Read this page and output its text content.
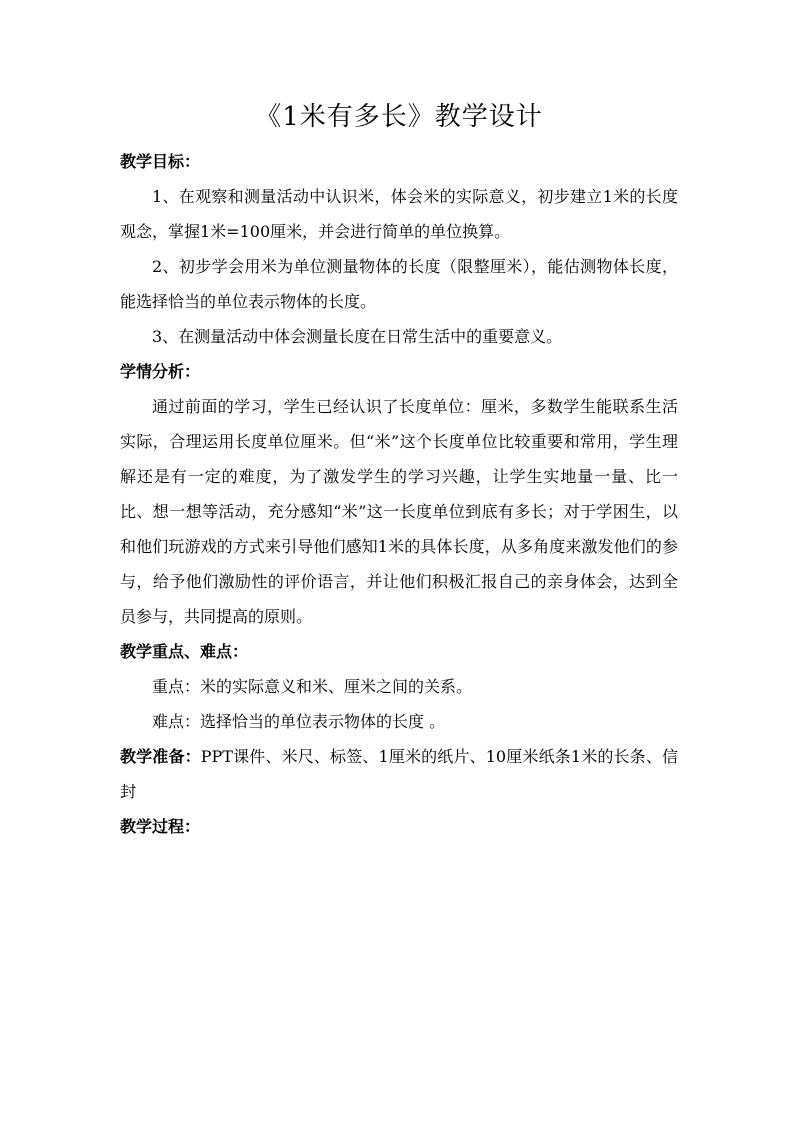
《1米有多长》教学设计

教学目标：

1、在观察和测量活动中认识米，体会米的实际意义，初步建立1米的长度观念，掌握1米=100厘米，并会进行简单的单位换算。

2、初步学会用米为单位测量物体的长度（限整厘米），能估测物体长度，能选择恰当的单位表示物体的长度。

3、在测量活动中体会测量长度在日常生活中的重要意义。

学情分析：

通过前面的学习，学生已经认识了长度单位：厘米，多数学生能联系生活实际，合理运用长度单位厘米。但“米”这个长度单位比较重要和常用，学生理解还是有一定的难度，为了激发学生的学习兴趣，让学生实地量一量、比一比、想一想等活动，充分感知“米”这一长度单位到底有多长；对于学困生，以和他们玩游戏的方式来引导他们感知1米的具体长度，从多角度来激发他们的参与，给予他们激励性的评价语言，并让他们积极汇报自己的亲身体会，达到全员参与，共同提高的原则。

教学重点、难点：

重点：米的实际意义和米、厘米之间的关系。

难点：选择恰当的单位表示物体的长度 。

教学准备：PPT课件、米尺、标签、1厘米的纸片、10厘米纸条1米的长条、信封

教学过程：
